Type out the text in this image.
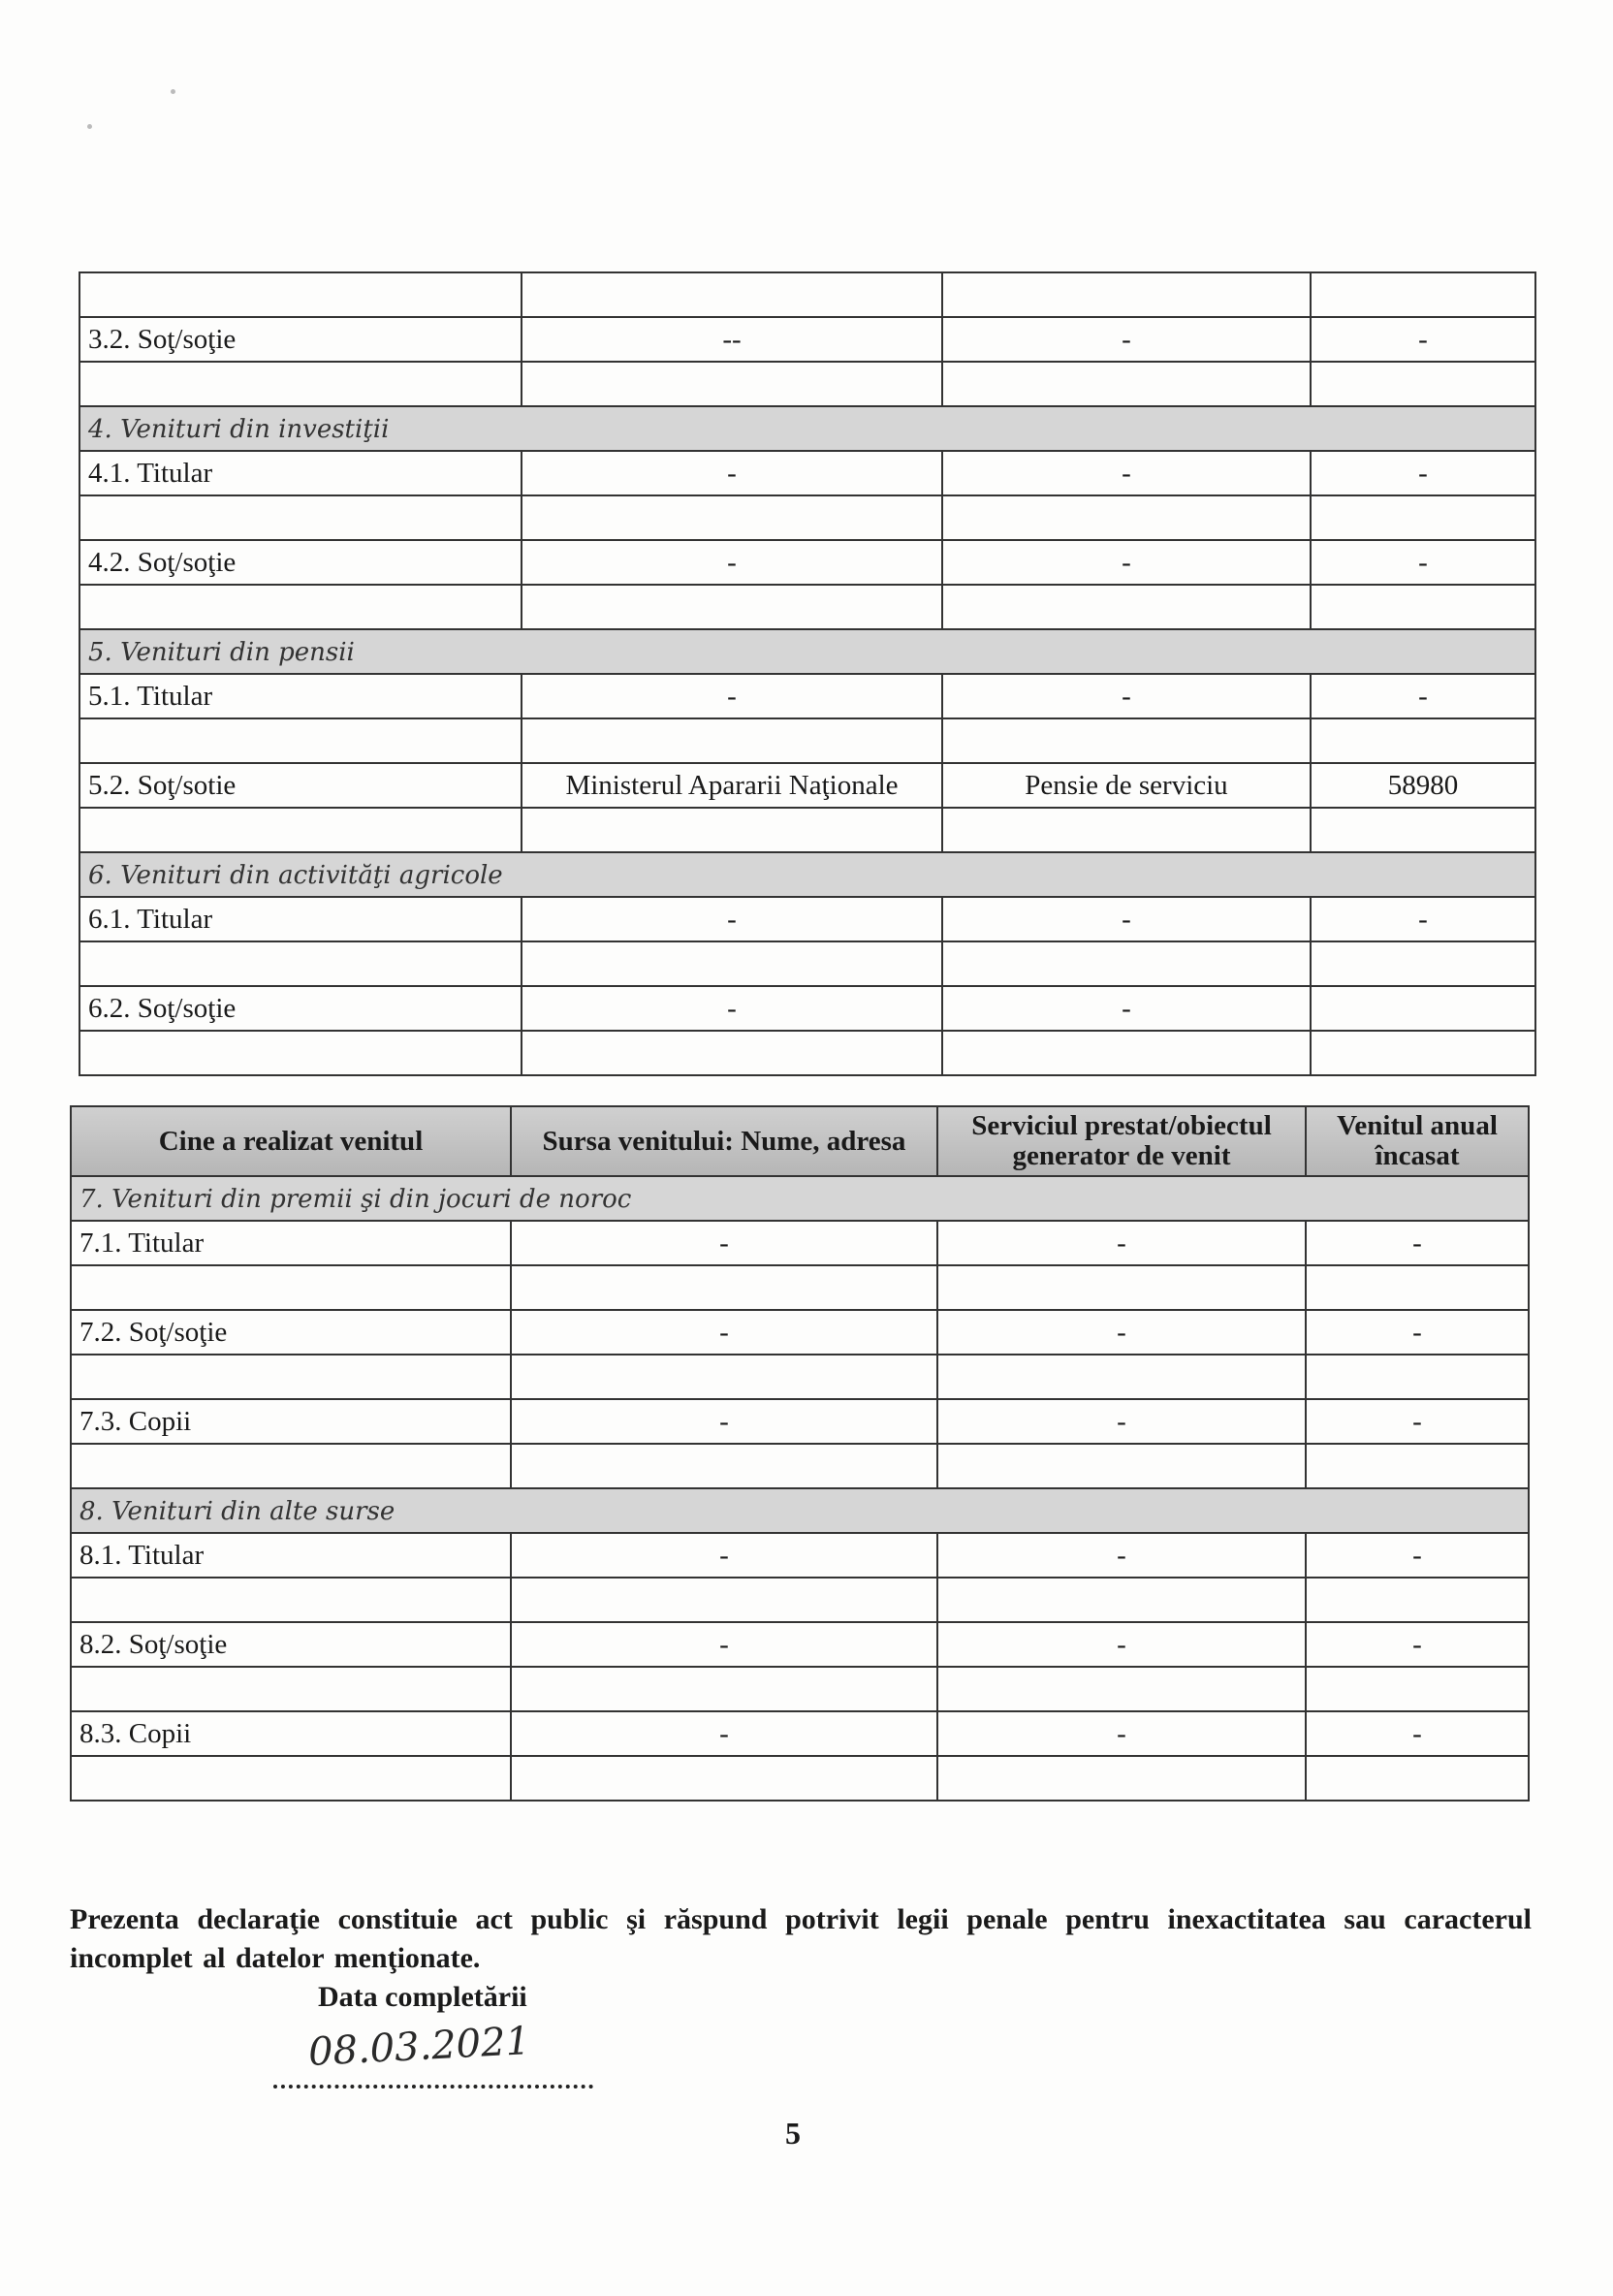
3.2. Soţ/soţie	--	-	-

4. Venituri din investiţii			
4.1. Titular	-	-	-

4.2. Soţ/soţie	-	-	-

5. Venituri din pensii			
5.1. Titular	-	-	-

5.2. Soţ/sotie	Ministerul Apararii Naţionale	Pensie de serviciu	58980

6. Venituri din activităţi agricole			
6.1. Titular	-	-	-

6.2. Soţ/soţie	-	-	

Cine a realizat venitul	Sursa venitului: Nume, adresa	Serviciul prestat/obiectul generator de venit	Venitul anual încasat
7. Venituri din premii şi din jocuri de noroc			
7.1. Titular	-	-	-

7.2. Soţ/soţie	-	-	-

7.3. Copii	-	-	-

8. Venituri din alte surse			
8.1. Titular	-	-	-

8.2. Soţ/soţie	-	-	-

8.3. Copii	-	-	-

Prezenta declaraţie constituie act public şi răspund potrivit legii penale pentru inexactitatea sau caracterul incomplet al datelor menţionate.

Data completării
08.03.2021
5
